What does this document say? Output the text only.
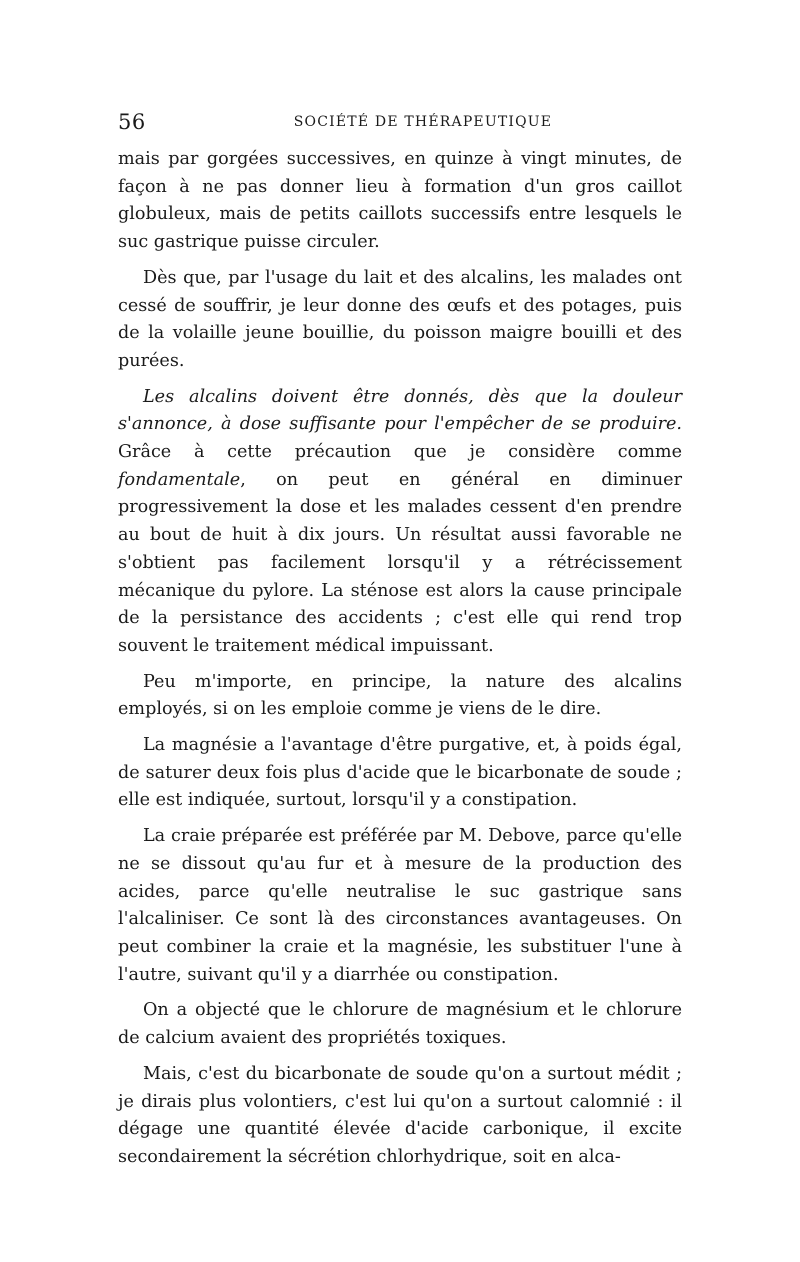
56	SOCIÉTÉ DE THÉRAPEUTIQUE

mais par gorgées successives, en quinze à vingt minutes, de façon à ne pas donner lieu à formation d'un gros caillot globuleux, mais de petits caillots successifs entre lesquels le suc gastrique puisse circuler.

Dès que, par l'usage du lait et des alcalins, les malades ont cessé de souffrir, je leur donne des œufs et des potages, puis de la volaille jeune bouillie, du poisson maigre bouilli et des purées.

Les alcalins doivent être donnés, dès que la douleur s'annonce, à dose suffisante pour l'empêcher de se produire. Grâce à cette précaution que je considère comme fondamentale, on peut en général en diminuer progressivement la dose et les malades cessent d'en prendre au bout de huit à dix jours. Un résultat aussi favorable ne s'obtient pas facilement lorsqu'il y a rétrécissement mécanique du pylore. La sténose est alors la cause principale de la persistance des accidents ; c'est elle qui rend trop souvent le traitement médical impuissant.

Peu m'importe, en principe, la nature des alcalins employés, si on les emploie comme je viens de le dire.

La magnésie a l'avantage d'être purgative, et, à poids égal, de saturer deux fois plus d'acide que le bicarbonate de soude ; elle est indiquée, surtout, lorsqu'il y a constipation.

La craie préparée est préférée par M. Debove, parce qu'elle ne se dissout qu'au fur et à mesure de la production des acides, parce qu'elle neutralise le suc gastrique sans l'alcaliniser. Ce sont là des circonstances avantageuses. On peut combiner la craie et la magnésie, les substituer l'une à l'autre, suivant qu'il y a diarrhée ou constipation.

On a objecté que le chlorure de magnésium et le chlorure de calcium avaient des propriétés toxiques.

Mais, c'est du bicarbonate de soude qu'on a surtout médit ; je dirais plus volontiers, c'est lui qu'on a surtout calomnié : il dégage une quantité élevée d'acide carbonique, il excite secondairement la sécrétion chlorhydrique, soit en alca-
